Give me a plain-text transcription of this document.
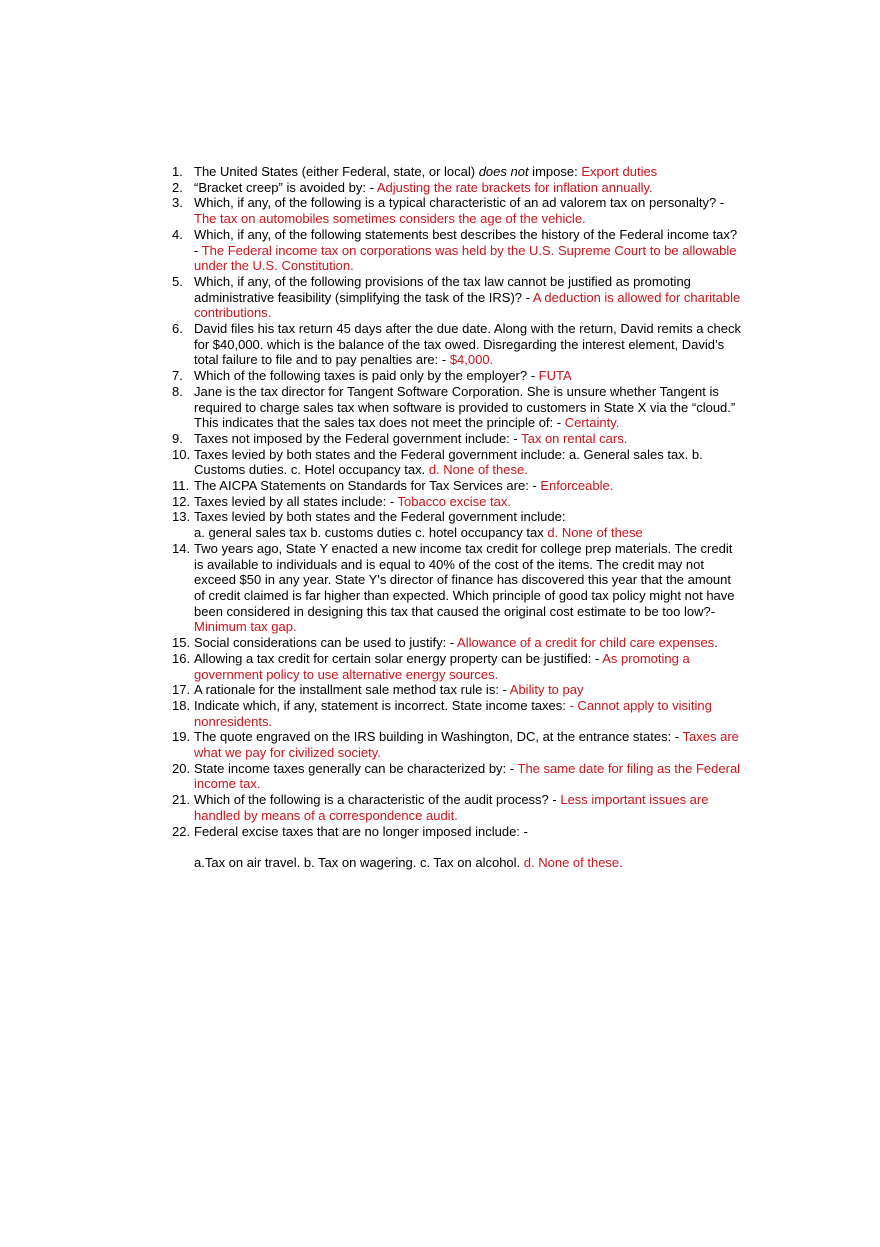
1. The United States (either Federal, state, or local) does not impose: Export duties
2. “Bracket creep” is avoided by: - Adjusting the rate brackets for inflation annually.
3. Which, if any, of the following is a typical characteristic of an ad valorem tax on personalty? -The tax on automobiles sometimes considers the age of the vehicle.
4. Which, if any, of the following statements best describes the history of the Federal income tax? - The Federal income tax on corporations was held by the U.S. Supreme Court to be allowable under the U.S. Constitution.
5. Which, if any, of the following provisions of the tax law cannot be justified as promoting administrative feasibility (simplifying the task of the IRS)? - A deduction is allowed for charitable contributions.
6. David files his tax return 45 days after the due date. Along with the return, David remits a check for $40,000. which is the balance of the tax owed. Disregarding the interest element, David’s total failure to file and to pay penalties are: - $4,000.
7. Which of the following taxes is paid only by the employer? - FUTA
8. Jane is the tax director for Tangent Software Corporation. She is unsure whether Tangent is required to charge sales tax when software is provided to customers in State X via the “cloud.” This indicates that the sales tax does not meet the principle of: - Certainty.
9. Taxes not imposed by the Federal government include: - Tax on rental cars.
10. Taxes levied by both states and the Federal government include: a. General sales tax. b. Customs duties. c. Hotel occupancy tax. d. None of these.
11. The AICPA Statements on Standards for Tax Services are: - Enforceable.
12. Taxes levied by all states include: - Tobacco excise tax.
13. Taxes levied by both states and the Federal government include:
a. general sales tax b. customs duties c. hotel occupancy tax d. None of these
14. Two years ago, State Y enacted a new income tax credit for college prep materials. The credit is available to individuals and is equal to 40% of the cost of the items. The credit may not exceed $50 in any year. State Y's director of finance has discovered this year that the amount of credit claimed is far higher than expected. Which principle of good tax policy might not have been considered in designing this tax that caused the original cost estimate to be too low?- Minimum tax gap.
15. Social considerations can be used to justify: - Allowance of a credit for child care expenses.
16. Allowing a tax credit for certain solar energy property can be justified: - As promoting a government policy to use alternative energy sources.
17. A rationale for the installment sale method tax rule is: - Ability to pay
18. Indicate which, if any, statement is incorrect. State income taxes: - Cannot apply to visiting nonresidents.
19. The quote engraved on the IRS building in Washington, DC, at the entrance states: - Taxes are what we pay for civilized society.
20. State income taxes generally can be characterized by: - The same date for filing as the Federal income tax.
21. Which of the following is a characteristic of the audit process? - Less important issues are handled by means of a correspondence audit.
22. Federal excise taxes that are no longer imposed include: -
a.Tax on air travel. b. Tax on wagering. c. Tax on alcohol. d. None of these.
